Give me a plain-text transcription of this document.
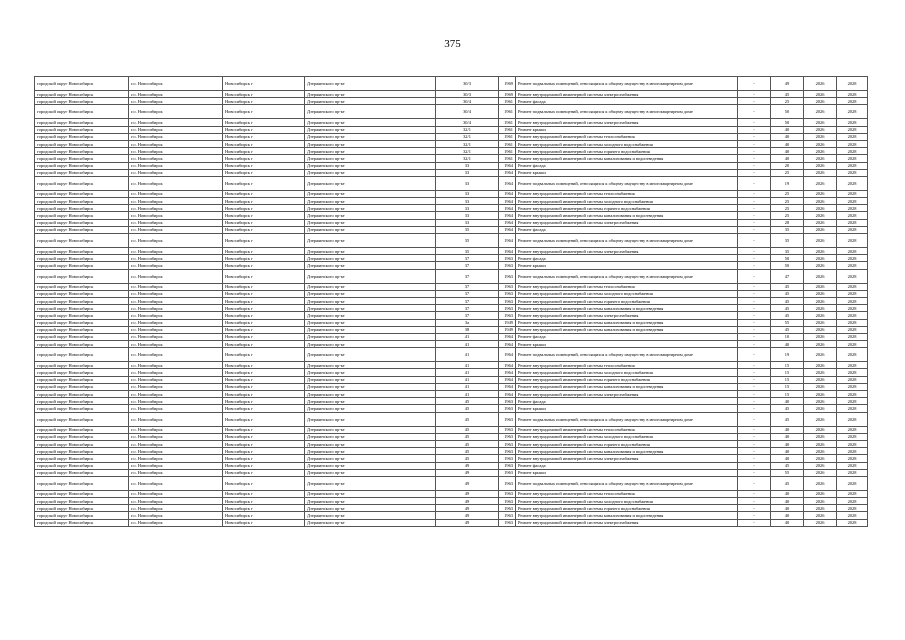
375
городской округ Новосибирск	г.о. Новосибирск	Новосибирск г	Дзержинского пр-кт	30/3	1969	Ремонт подвальных помещений, относящихся к общему имуществу в многоквартирном доме	-	49	2026	2028
городской округ Новосибирск	г.о. Новосибирск	Новосибирск г	Дзержинского пр-кт	30/3	1969	Ремонт внутридомовой инженерной системы электроснабжения	-	45	2026	2028
городской округ Новосибирск	г.о. Новосибирск	Новосибирск г	Дзержинского пр-кт	30/4	1961	Ремонт фасада	-	25	2026	2028
городской округ Новосибирск	г.о. Новосибирск	Новосибирск г	Дзержинского пр-кт	30/4	1961	Ремонт подвальных помещений, относящихся к общему имуществу в многоквартирном доме	-	50	2026	2028
городской округ Новосибирск	г.о. Новосибирск	Новосибирск г	Дзержинского пр-кт	30/4	1961	Ремонт внутридомовой инженерной системы электроснабжения	-	50	2026	2028
городской округ Новосибирск	г.о. Новосибирск	Новосибирск г	Дзержинского пр-кт	32/1	1961	Ремонт крыши	-	40	2026	2028
городской округ Новосибирск	г.о. Новосибирск	Новосибирск г	Дзержинского пр-кт	32/1	1961	Ремонт внутридомовой инженерной системы теплоснабжения	-	40	2026	2028
городской округ Новосибирск	г.о. Новосибирск	Новосибирск г	Дзержинского пр-кт	32/1	1961	Ремонт внутридомовой инженерной системы холодного водоснабжения	-	40	2026	2028
городской округ Новосибирск	г.о. Новосибирск	Новосибирск г	Дзержинского пр-кт	32/1	1961	Ремонт внутридомовой инженерной системы горячего водоснабжения	-	40	2026	2028
городской округ Новосибирск	г.о. Новосибирск	Новосибирск г	Дзержинского пр-кт	32/1	1961	Ремонт внутридомовой инженерной системы канализования и водоотведения	-	40	2026	2028
городской округ Новосибирск	г.о. Новосибирск	Новосибирск г	Дзержинского пр-кт	33	1964	Ремонт фасада	-	20	2026	2028
городской округ Новосибирск	г.о. Новосибирск	Новосибирск г	Дзержинского пр-кт	33	1964	Ремонт крыши	-	25	2026	2028
городской округ Новосибирск	г.о. Новосибирск	Новосибирск г	Дзержинского пр-кт	33	1964	Ремонт подвальных помещений, относящихся к общему имуществу в многоквартирном доме	-	19	2026	2028
городской округ Новосибирск	г.о. Новосибирск	Новосибирск г	Дзержинского пр-кт	33	1964	Ремонт внутридомовой инженерной системы теплоснабжения	-	25	2026	2028
городской округ Новосибирск	г.о. Новосибирск	Новосибирск г	Дзержинского пр-кт	33	1964	Ремонт внутридомовой инженерной системы холодного водоснабжения	-	25	2026	2028
городской округ Новосибирск	г.о. Новосибирск	Новосибирск г	Дзержинского пр-кт	33	1964	Ремонт внутридомовой инженерной системы горячего водоснабжения	-	25	2026	2028
городской округ Новосибирск	г.о. Новосибирск	Новосибирск г	Дзержинского пр-кт	33	1964	Ремонт внутридомовой инженерной системы канализования и водоотведения	-	25	2026	2028
городской округ Новосибирск	г.о. Новосибирск	Новосибирск г	Дзержинского пр-кт	33	1964	Ремонт внутридомовой инженерной системы электроснабжения	-	28	2026	2028
городской округ Новосибирск	г.о. Новосибирск	Новосибирск г	Дзержинского пр-кт	35	1964	Ремонт фасада	-	35	2026	2028
городской округ Новосибирск	г.о. Новосибирск	Новосибирск г	Дзержинского пр-кт	35	1964	Ремонт подвальных помещений, относящихся к общему имуществу в многоквартирном доме	-	35	2026	2028
городской округ Новосибирск	г.о. Новосибирск	Новосибирск г	Дзержинского пр-кт	35	1964	Ремонт внутридомовой инженерной системы электроснабжения	-	35	2026	2028
городской округ Новосибирск	г.о. Новосибирск	Новосибирск г	Дзержинского пр-кт	37	1963	Ремонт фасада	-	50	2026	2028
городской округ Новосибирск	г.о. Новосибирск	Новосибирск г	Дзержинского пр-кт	37	1963	Ремонт крыши	-	50	2026	2028
городской округ Новосибирск	г.о. Новосибирск	Новосибирск г	Дзержинского пр-кт	37	1963	Ремонт подвальных помещений, относящихся к общему имуществу в многоквартирном доме	-	47	2026	2028
городской округ Новосибирск	г.о. Новосибирск	Новосибирск г	Дзержинского пр-кт	37	1963	Ремонт внутридомовой инженерной системы теплоснабжения	-	45	2026	2028
городской округ Новосибирск	г.о. Новосибирск	Новосибирск г	Дзержинского пр-кт	37	1963	Ремонт внутридомовой инженерной системы холодного водоснабжения	-	45	2026	2028
городской округ Новосибирск	г.о. Новосибирск	Новосибирск г	Дзержинского пр-кт	37	1963	Ремонт внутридомовой инженерной системы горячего водоснабжения	-	45	2026	2028
городской округ Новосибирск	г.о. Новосибирск	Новосибирск г	Дзержинского пр-кт	37	1963	Ремонт внутридомовой инженерной системы канализования и водоотведения	-	45	2026	2028
городской округ Новосибирск	г.о. Новосибирск	Новосибирск г	Дзержинского пр-кт	37	1963	Ремонт внутридомовой инженерной системы электроснабжения	-	45	2026	2028
городской округ Новосибирск	г.о. Новосибирск	Новосибирск г	Дзержинского пр-кт	3а	1949	Ремонт внутридомовой инженерной системы канализования и водоотведения	-	55	2026	2028
городской округ Новосибирск	г.о. Новосибирск	Новосибирск г	Дзержинского пр-кт	38	1949	Ремонт внутридомовой инженерной системы канализования и водоотведения	-	45	2026	2028
городской округ Новосибирск	г.о. Новосибирск	Новосибирск г	Дзержинского пр-кт	41	1964	Ремонт фасада	-	10	2026	2028
городской округ Новосибирск	г.о. Новосибирск	Новосибирск г	Дзержинского пр-кт	41	1964	Ремонт крыши	-	40	2026	2028
городской округ Новосибирск	г.о. Новосибирск	Новосибирск г	Дзержинского пр-кт	41	1964	Ремонт подвальных помещений, относящихся к общему имуществу в многоквартирном доме	-	19	2026	2028
городской округ Новосибирск	г.о. Новосибирск	Новосибирск г	Дзержинского пр-кт	41	1964	Ремонт внутридомовой инженерной системы теплоснабжения	-	15	2026	2028
городской округ Новосибирск	г.о. Новосибирск	Новосибирск г	Дзержинского пр-кт	41	1964	Ремонт внутридомовой инженерной системы холодного водоснабжения	-	15	2026	2028
городской округ Новосибирск	г.о. Новосибирск	Новосибирск г	Дзержинского пр-кт	41	1964	Ремонт внутридомовой инженерной системы горячего водоснабжения	-	15	2026	2028
городской округ Новосибирск	г.о. Новосибирск	Новосибирск г	Дзержинского пр-кт	41	1964	Ремонт внутридомовой инженерной системы канализования и водоотведения	-	15	2026	2028
городской округ Новосибирск	г.о. Новосибирск	Новосибирск г	Дзержинского пр-кт	41	1964	Ремонт внутридомовой инженерной системы электроснабжения	-	15	2026	2028
городской округ Новосибирск	г.о. Новосибирск	Новосибирск г	Дзержинского пр-кт	45	1963	Ремонт фасада	-	40	2026	2028
городской округ Новосибирск	г.о. Новосибирск	Новосибирск г	Дзержинского пр-кт	45	1963	Ремонт крыши	-	45	2026	2028
городской округ Новосибирск	г.о. Новосибирск	Новосибирск г	Дзержинского пр-кт	45	1963	Ремонт подвальных помещений, относящихся к общему имуществу в многоквартирном доме	-	45	2026	2028
городской округ Новосибирск	г.о. Новосибирск	Новосибирск г	Дзержинского пр-кт	45	1963	Ремонт внутридомовой инженерной системы теплоснабжения	-	40	2026	2028
городской округ Новосибирск	г.о. Новосибирск	Новосибирск г	Дзержинского пр-кт	45	1963	Ремонт внутридомовой инженерной системы холодного водоснабжения	-	40	2026	2028
городской округ Новосибирск	г.о. Новосибирск	Новосибирск г	Дзержинского пр-кт	45	1963	Ремонт внутридомовой инженерной системы горячего водоснабжения	-	40	2026	2028
городской округ Новосибирск	г.о. Новосибирск	Новосибирск г	Дзержинского пр-кт	45	1963	Ремонт внутридомовой инженерной системы канализования и водоотведения	-	40	2026	2028
городской округ Новосибирск	г.о. Новосибирск	Новосибирск г	Дзержинского пр-кт	45	1963	Ремонт внутридомовой инженерной системы электроснабжения	-	40	2026	2028
городской округ Новосибирск	г.о. Новосибирск	Новосибирск г	Дзержинского пр-кт	49	1963	Ремонт фасада	-	45	2026	2028
городской округ Новосибирск	г.о. Новосибирск	Новосибирск г	Дзержинского пр-кт	49	1963	Ремонт крыши	-	55	2026	2028
городской округ Новосибирск	г.о. Новосибирск	Новосибирск г	Дзержинского пр-кт	49	1963	Ремонт подвальных помещений, относящихся к общему имуществу в многоквартирном доме	-	45	2026	2028
городской округ Новосибирск	г.о. Новосибирск	Новосибирск г	Дзержинского пр-кт	49	1963	Ремонт внутридомовой инженерной системы теплоснабжения	-	40	2026	2028
городской округ Новосибирск	г.о. Новосибирск	Новосибирск г	Дзержинского пр-кт	49	1963	Ремонт внутридомовой инженерной системы холодного водоснабжения	-	40	2026	2028
городской округ Новосибирск	г.о. Новосибирск	Новосибирск г	Дзержинского пр-кт	49	1963	Ремонт внутридомовой инженерной системы горячего водоснабжения	-	40	2026	2028
городской округ Новосибирск	г.о. Новосибирск	Новосибирск г	Дзержинского пр-кт	49	1963	Ремонт внутридомовой инженерной системы канализования и водоотведения	-	40	2026	2028
городской округ Новосибирск	г.о. Новосибирск	Новосибирск г	Дзержинского пр-кт	49	1963	Ремонт внутридомовой инженерной системы электроснабжения	-	40	2026	2028
